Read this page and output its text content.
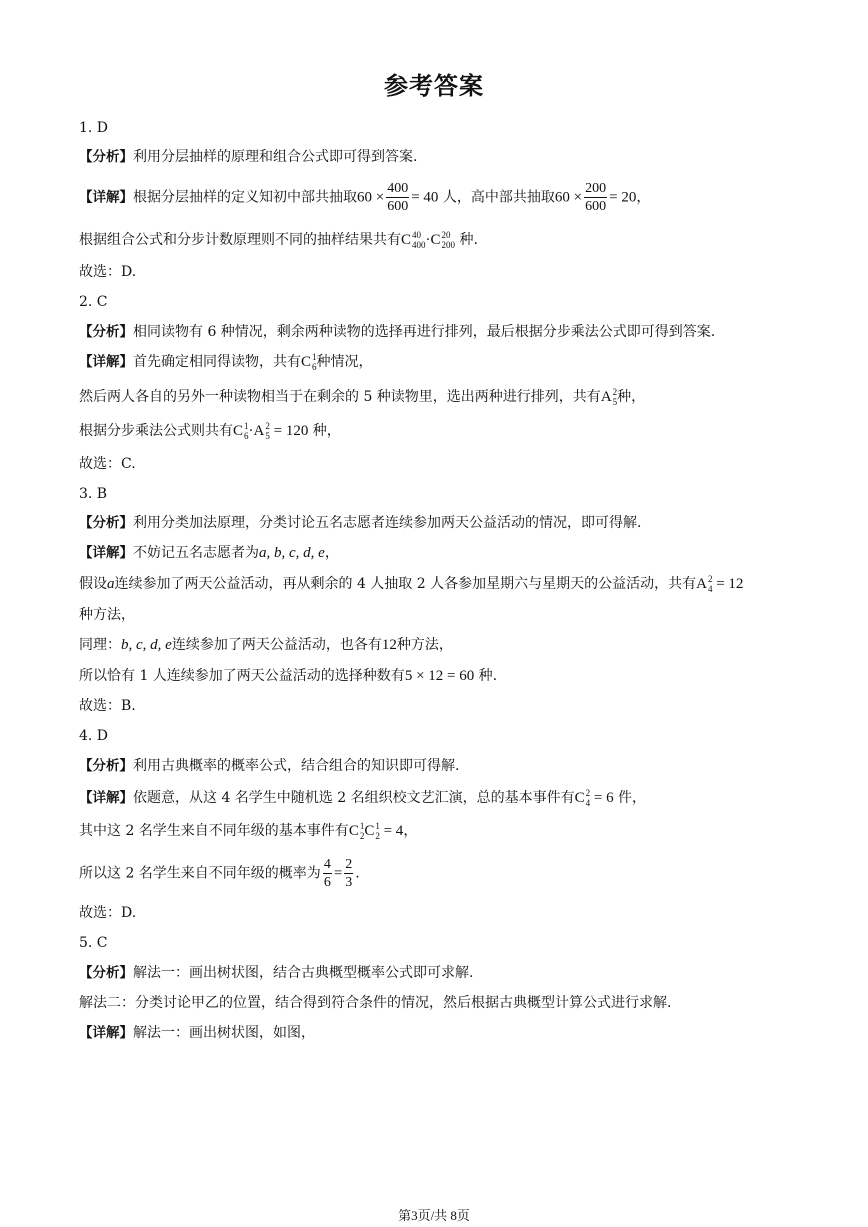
参考答案
1. D
【分析】利用分层抽样的原理和组合公式即可得到答案.
【详解】根据分层抽样的定义知初中部共抽取$60 \times \frac{400}{600} = 40$ 人，高中部共抽取$60 \times \frac{200}{600} = 20$，
根据组合公式和分步计数原理则不同的抽样结果共有C 40
400 ·C 20
200 种.
故选：D.
2. C
【分析】相同读物有 6 种情况，剩余两种读物的选择再进行排列，最后根据分步乘法公式即可得到答案.
【详解】首先确定相同得读物，共有C 1
6 种情况，
然后两人各自的另外一种读物相当于在剩余的 5 种读物里，选出两种进行排列，共有A 2
5 种，
根据分步乘法公式则共有C 1
6 ·A 2
5 = 120 种，
故选：C.
3. B
【分析】利用分类加法原理，分类讨论五名志愿者连续参加两天公益活动的情况，即可得解.
【详解】不妨记五名志愿者为a, b, c, d, e，
假设a连续参加了两天公益活动，再从剩余的 4 人抽取 2 人各参加星期六与星期天的公益活动，共有A 2
4 = 12
种方法，
同理：b, c, d, e连续参加了两天公益活动，也各有12种方法，
所以恰有 1 人连续参加了两天公益活动的选择种数有5 × 12 = 60 种.
故选：B.
4. D
【分析】利用古典概率的概率公式，结合组合的知识即可得解.
【详解】依题意，从这 4 名学生中随机选 2 名组织校文艺汇演，总的基本事件有C 2
4 = 6 件，
其中这 2 名学生来自不同年级的基本事件有C 1
2 C 1
2 = 4，
所以这 2 名学生来自不同年级的概率为 $\frac{4}{6} = \frac{2}{3}$ .
故选：D.
5. C
【分析】解法一：画出树状图，结合古典概型概率公式即可求解.
解法二：分类讨论甲乙的位置，结合得到符合条件的情况，然后根据古典概型计算公式进行求解.
【详解】解法一：画出树状图，如图，
第3页/共 8页
